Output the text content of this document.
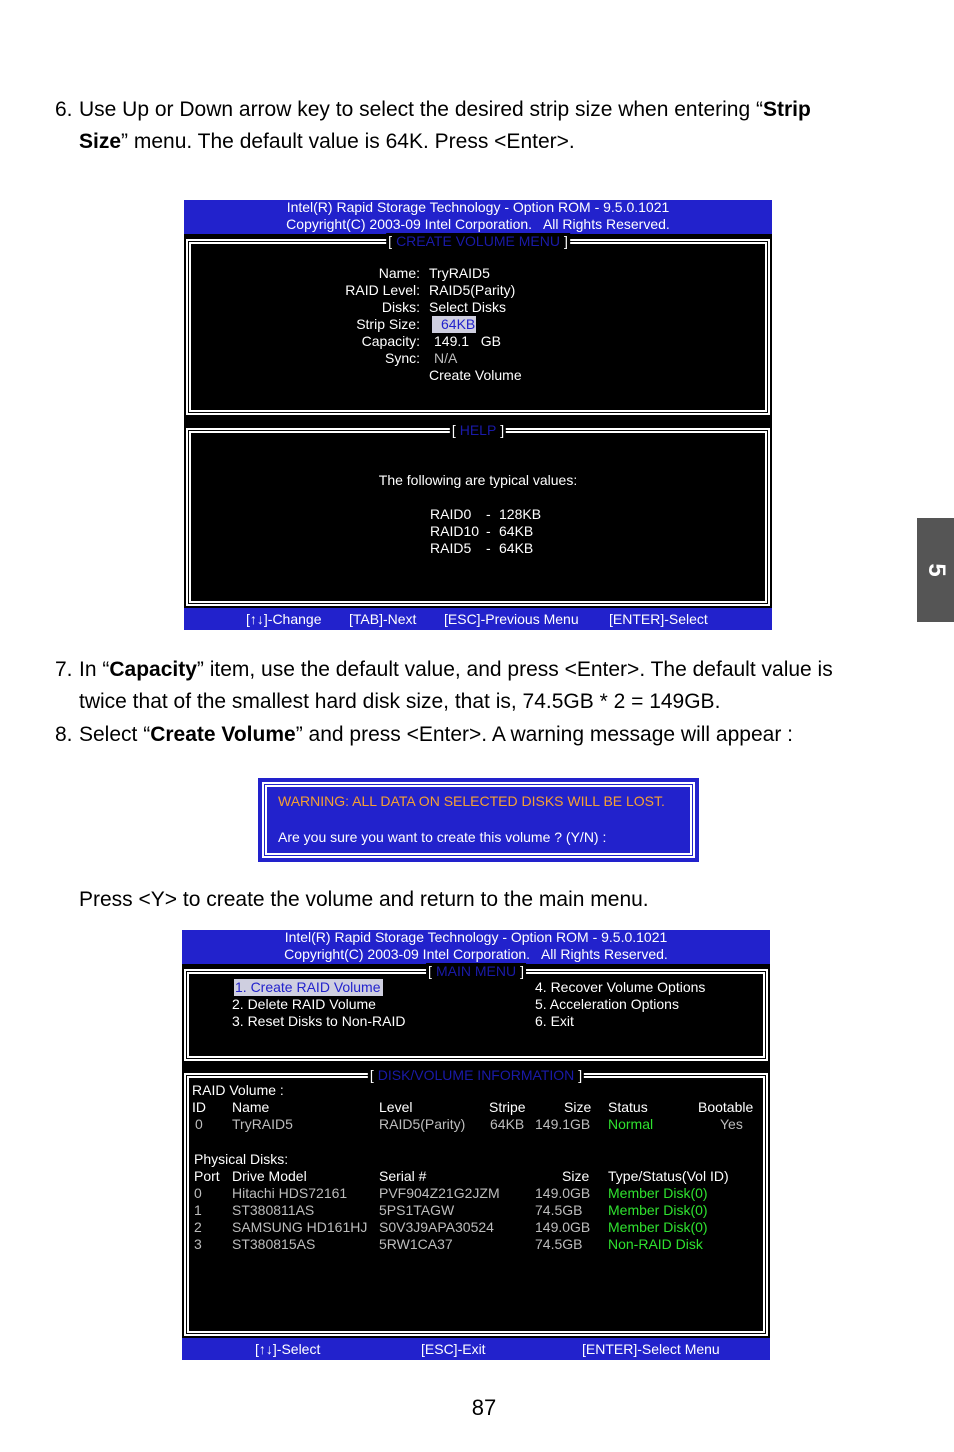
6. Use Up or Down arrow key to select the desired strip size when entering “Strip
Size” menu. The default value is 64K. Press <Enter>.
Intel(R) Rapid Storage Technology - Option ROM - 9.5.0.1021
Copyright(C) 2003-09 Intel Corporation.   All Rights Reserved.
[ CREATE VOLUME MENU ]
Name: TryRAID5
RAID Level: RAID5(Parity)
Disks: Select Disks
Strip Size:	64KB
Capacity: 149.1   GB
Sync: N/A
Create Volume
[ HELP ]
The following are typical values:
RAID0 - 128KB
RAID10 - 64KB
RAID5 - 64KB
[↑↓]-Change [TAB]-Next [ESC]-Previous Menu [ENTER]-Select
5
7. In “Capacity” item, use the default value, and press <Enter>. The default value is
twice that of the smallest hard disk size, that is, 74.5GB * 2 = 149GB.
8. Select “Create Volume” and press <Enter>. A warning message will appear :
WARNING: ALL DATA ON SELECTED DISKS WILL BE LOST.
Are you sure you want to create this volume ? (Y/N) :
Press <Y> to create the volume and return to the main menu.
Intel(R) Rapid Storage Technology - Option ROM - 9.5.0.1021
Copyright(C) 2003-09 Intel Corporation.   All Rights Reserved.
[ MAIN MENU ]
1. Create RAID Volume
2. Delete RAID Volume
3. Reset Disks to Non-RAID
4. Recover Volume Options
5. Acceleration Options
6. Exit
[ DISK/VOLUME INFORMATION ]
RAID Volume :
ID Name	Level	Stripe	Size Status	Bootable
0 TryRAID5	RAID5(Parity) 64KB 149.1GB Normal	Yes
Physical Disks:
Port Drive Model	Serial #	Size Type/Status(Vol ID)
0 Hitachi HDS72161 PVF904Z21G2JZM	149.0GB Member Disk(0)
1 ST380811AS	5PS1TAGW	74.5GB Member Disk(0)
2 SAMSUNG HD161HJ S0V3J9APA30524	149.0GB Member Disk(0)
3 ST380815AS	5RW1CA37	74.5GB Non-RAID Disk
[↑↓]-Select	[ESC]-Exit	[ENTER]-Select Menu
87
